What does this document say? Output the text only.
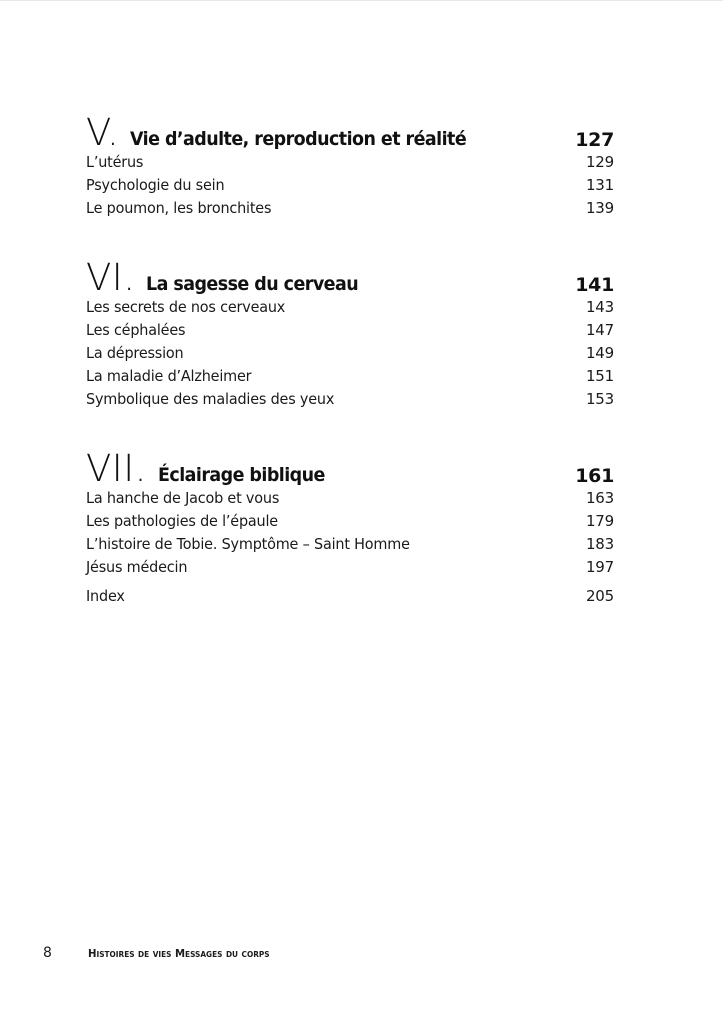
V. Vie d’adulte, reproduction et réalité	127
L’utérus	129
Psychologie du sein	131
Le poumon, les bronchites	139
VI. La sagesse du cerveau	141
Les secrets de nos cerveaux	143
Les céphalées	147
La dépression	149
La maladie d’Alzheimer	151
Symbolique des maladies des yeux	153
VII. Éclairage biblique	161
La hanche de Jacob et vous	163
Les pathologies de l’épaule	179
L’histoire de Tobie. Symptôme – Saint Homme	183
Jésus médecin	197
Index	205
8	Histoires de vies Messages du corps
